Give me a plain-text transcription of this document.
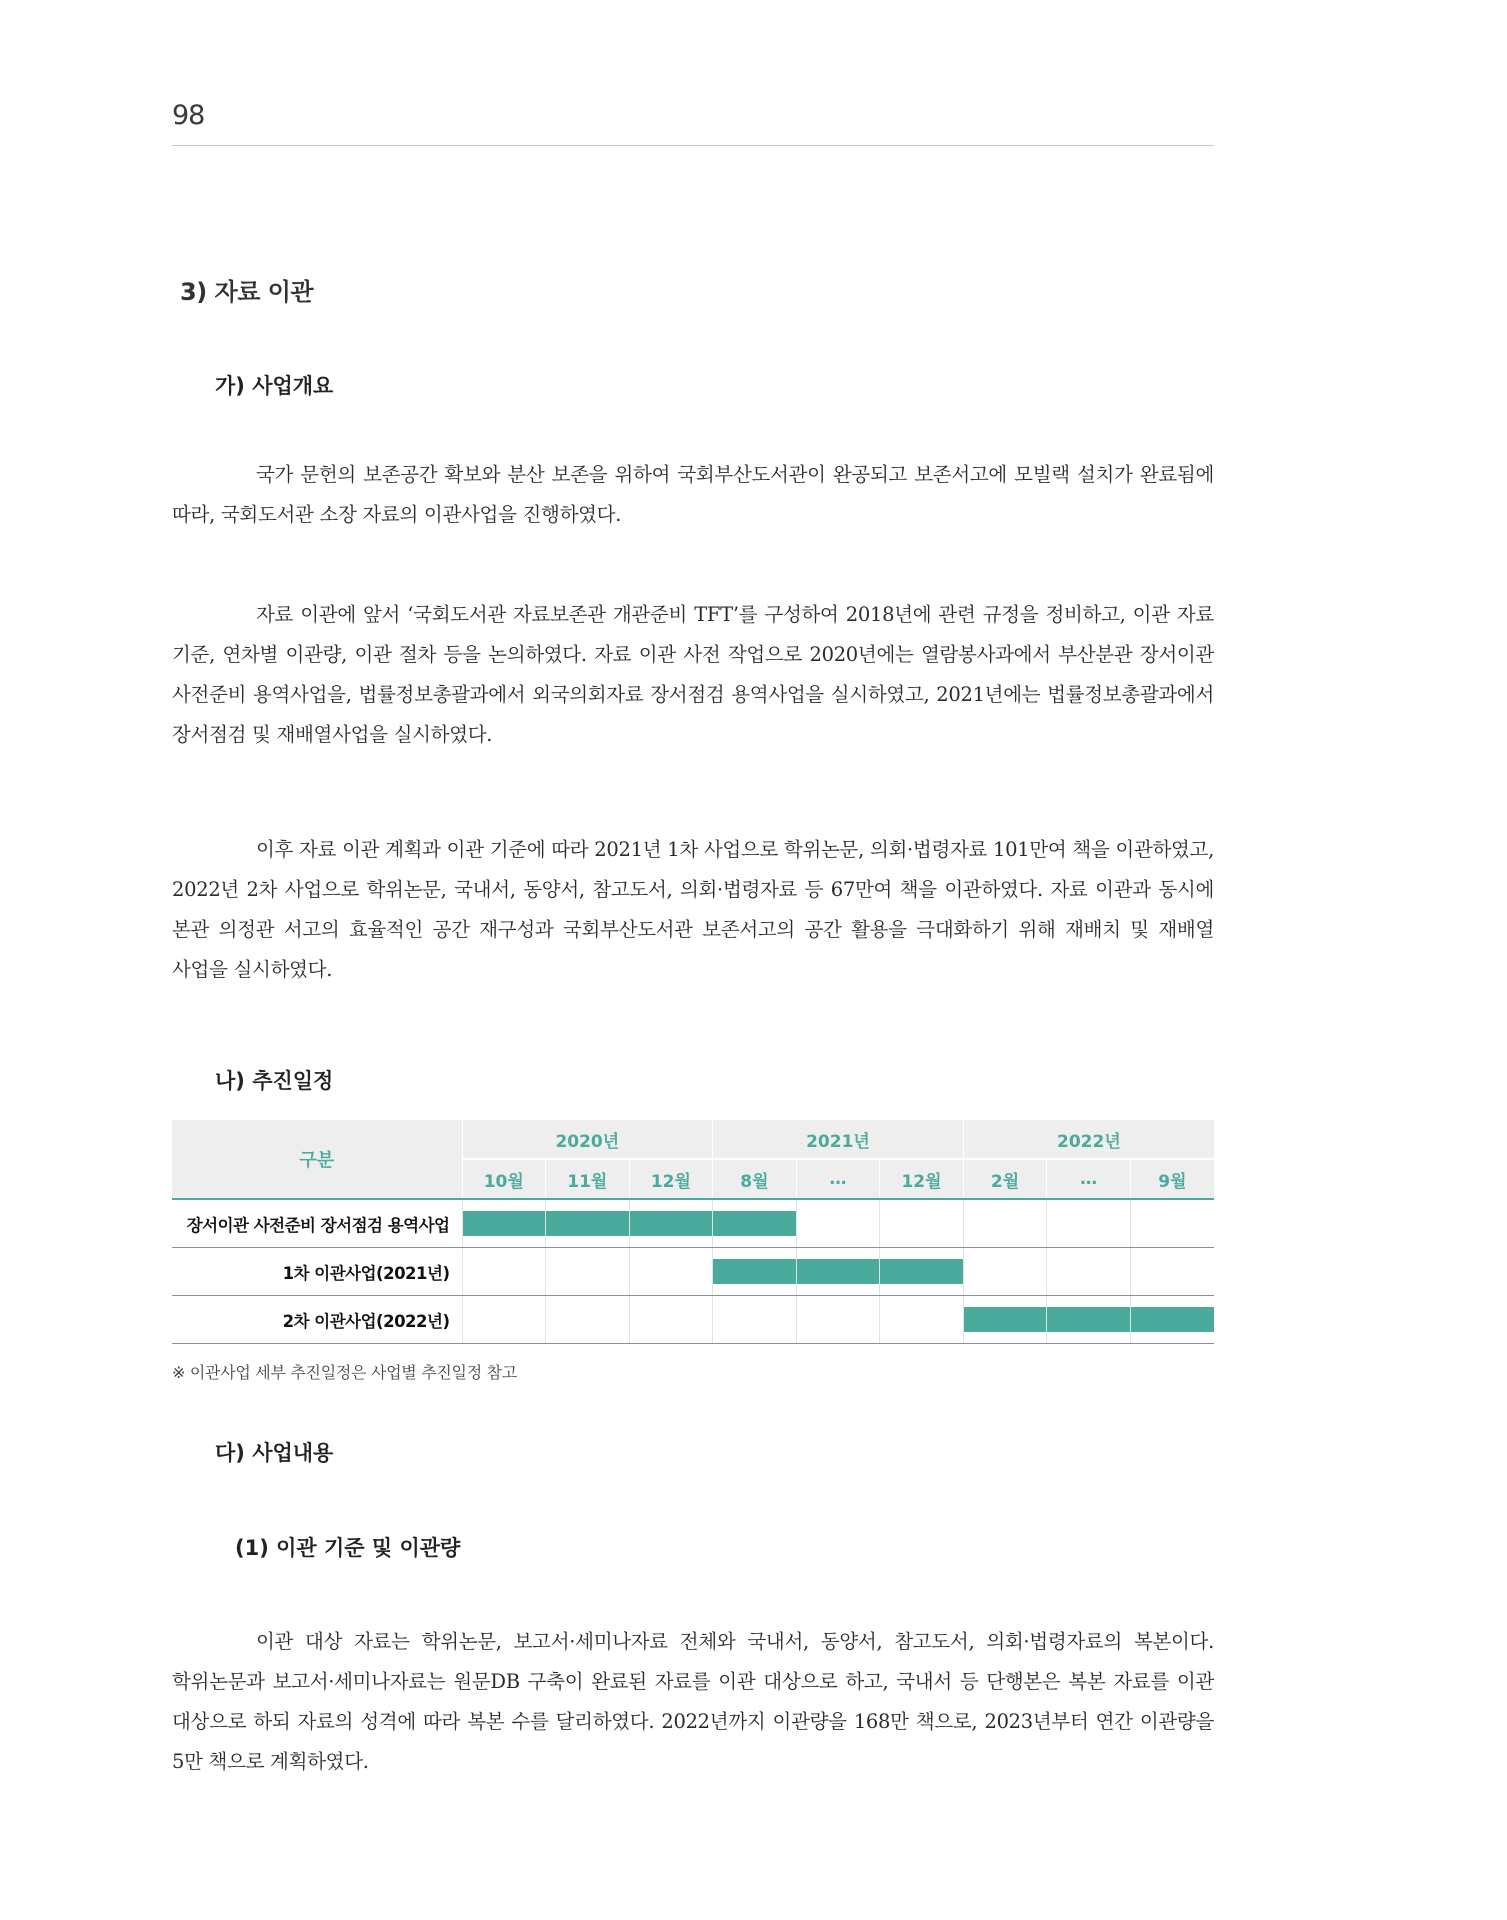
98
3) 자료 이관
가) 사업개요

국가 문헌의 보존공간 확보와 분산 보존을 위하여 국회부산도서관이 완공되고 보존서고에 모빌랙 설치가 완료됨에 따라, 국회도서관 소장 자료의 이관사업을 진행하였다.

자료 이관에 앞서 ‘국회도서관 자료보존관 개관준비 TFT’를 구성하여 2018년에 관련 규정을 정비하고, 이관 자료 기준, 연차별 이관량, 이관 절차 등을 논의하였다. 자료 이관 사전 작업으로 2020년에는 열람봉사과에서 부산분관 장서이관 사전준비 용역사업을, 법률정보총괄과에서 외국의회자료 장서점검 용역사업을 실시하였고, 2021년에는 법률정보총괄과에서 장서점검 및 재배열사업을 실시하였다.

이후 자료 이관 계획과 이관 기준에 따라 2021년 1차 사업으로 학위논문, 의회·법령자료 101만여 책을 이관하였고, 2022년 2차 사업으로 학위논문, 국내서, 동양서, 참고도서, 의회·법령자료 등 67만여 책을 이관하였다. 자료 이관과 동시에 본관 의정관 서고의 효율적인 공간 재구성과 국회부산도서관 보존서고의 공간 활용을 극대화하기 위해 재배치 및 재배열 사업을 실시하였다.

나) 추진일정
구분	2020년			2021년			2022년		
	10월	11월	12월	8월	…	12월	2월	…	9월
장서이관 사전준비 장서점검 용역사업	

1차 이관사업(2021년)				

2차 이관사업(2022년)							

※ 이관사업 세부 추진일정은 사업별 추진일정 참고
다) 사업내용
(1) 이관 기준 및 이관량

이관 대상 자료는 학위논문, 보고서·세미나자료 전체와 국내서, 동양서, 참고도서, 의회·법령자료의 복본이다. 학위논문과 보고서·세미나자료는 원문DB 구축이 완료된 자료를 이관 대상으로 하고, 국내서 등 단행본은 복본 자료를 이관 대상으로 하되 자료의 성격에 따라 복본 수를 달리하였다. 2022년까지 이관량을 168만 책으로, 2023년부터 연간 이관량을 5만 책으로 계획하였다.
